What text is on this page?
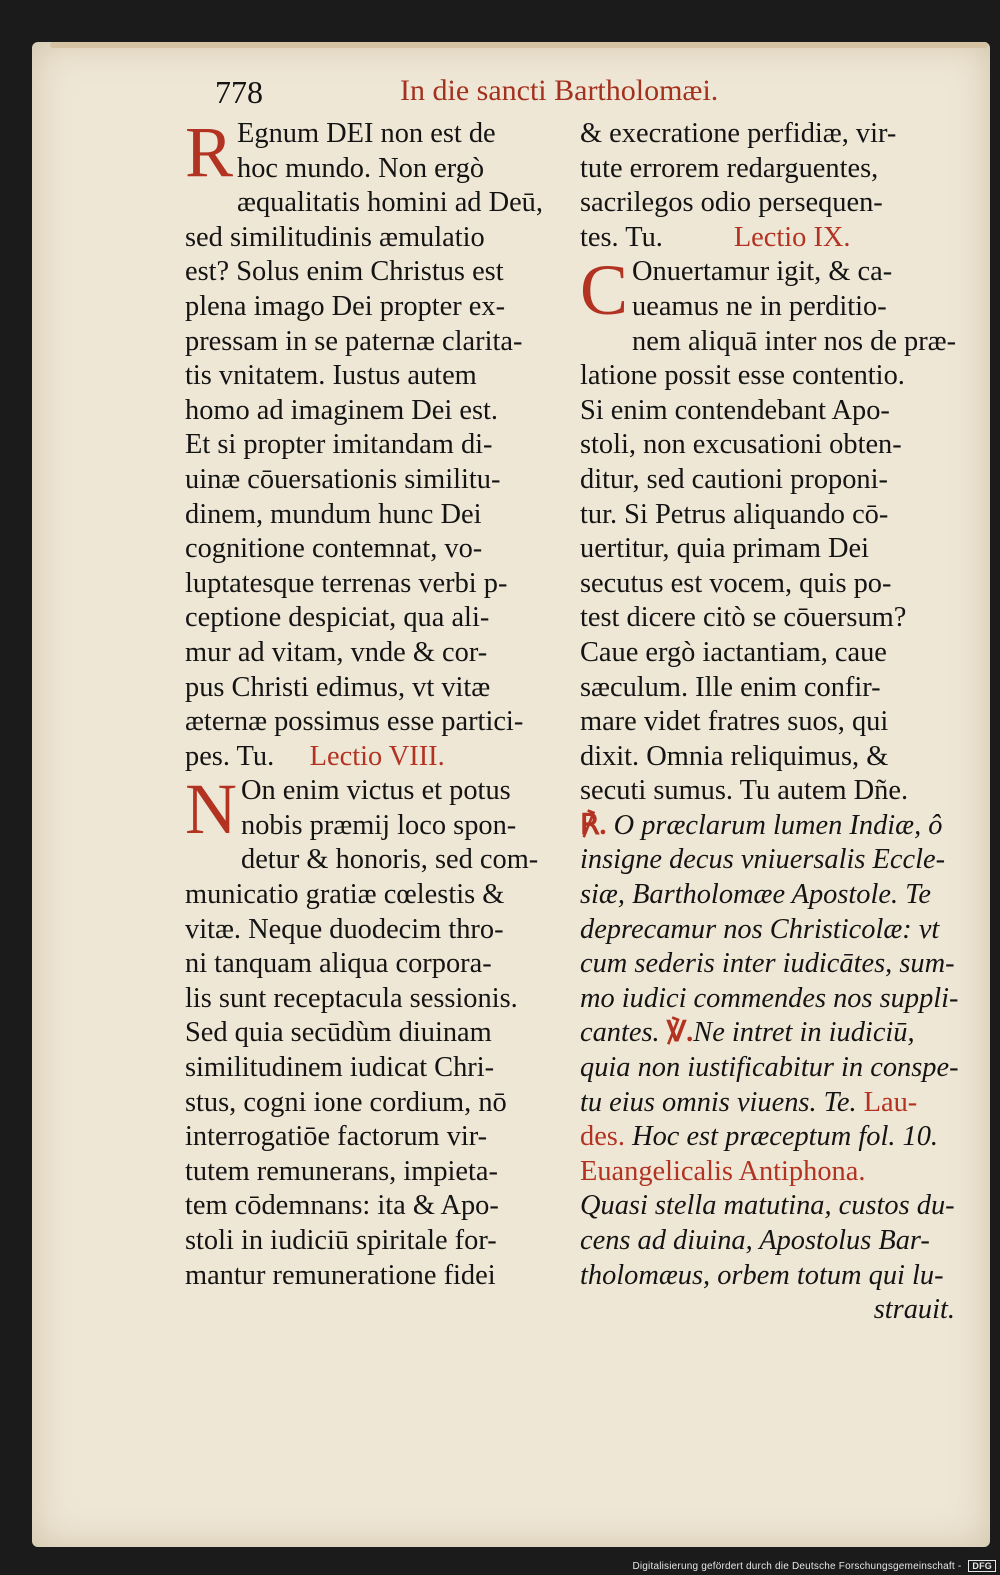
778	In die sancti Bartholomæi.
R Egnum DEI non est de
hoc mundo. Non ergò
æqualitatis homini ad Deū,
sed similitudinis æmulatio
est? Solus enim Christus est
plena imago Dei propter ex-
pressam in se paternæ clarita-
tis vnitatem. Iustus autem
homo ad imaginem Dei est.
Et si propter imitandam di-
uinæ cōuersationis similitu-
dinem, mundum hunc Dei
cognitione contemnat, vo-
luptatesque terrenas verbi p-
ceptione despiciat, qua ali-
mur ad vitam, vnde & cor-
pus Christi edimus, vt vitæ
æternæ possimus esse partici-
pes. Tu. Lectio VIII.
N On enim victus et potus
nobis præmij loco spon-
detur & honoris, sed com-
municatio gratiæ cœlestis &
vitæ. Neque duodecim thro-
ni tanquam aliqua corpora-
lis sunt receptacula sessionis.
Sed quia secūdùm diuinam
similitudinem iudicat Chri-
stus, cogni ione cordium, nō
interrogatiōe factorum vir-
tutem remunerans, impieta-
tem cōdemnans: ita & Apo-
stoli in iudiciū spiritale for-
mantur remuneratione fidei
& execratione perfidiæ, vir-
tute errorem redarguentes,
sacrilegos odio persequen-
tes. Tu. Lectio IX.
C Onuertamur igit, & ca-
ueamus ne in perditio-
nem aliquā inter nos de præ-
latione possit esse contentio.
Si enim contendebant Apo-
stoli, non excusationi obten-
ditur, sed cautioni proponi-
tur. Si Petrus aliquando cō-
uertitur, quia primam Dei
secutus est vocem, quis po-
test dicere citò se cōuersum?
Caue ergò iactantiam, caue
sæculum. Ille enim confir-
mare videt fratres suos, qui
dixit. Omnia reliquimus, &
secuti sumus. Tu autem Dñe.
℟. O præclarum lumen Indiæ, ô
insigne decus vniuersalis Eccle-
siæ, Bartholomæe Apostole. Te
deprecamur nos Christicolæ: vt
cum sederis inter iudicātes, sum-
mo iudici commendes nos suppli-
cantes. ℣.Ne intret in iudiciū,
quia non iustificabitur in conspe-
tu eius omnis viuens. Te. Lau-
des. Hoc est præceptum fol. 10.
Euangelicalis Antiphona.
Quasi stella matutina, custos du-
cens ad diuina, Apostolus Bar-
tholomæus, orbem totum qui lu-
strauit.
Digitalisierung gefördert durch die Deutsche Forschungsgemeinschaft - DFG
